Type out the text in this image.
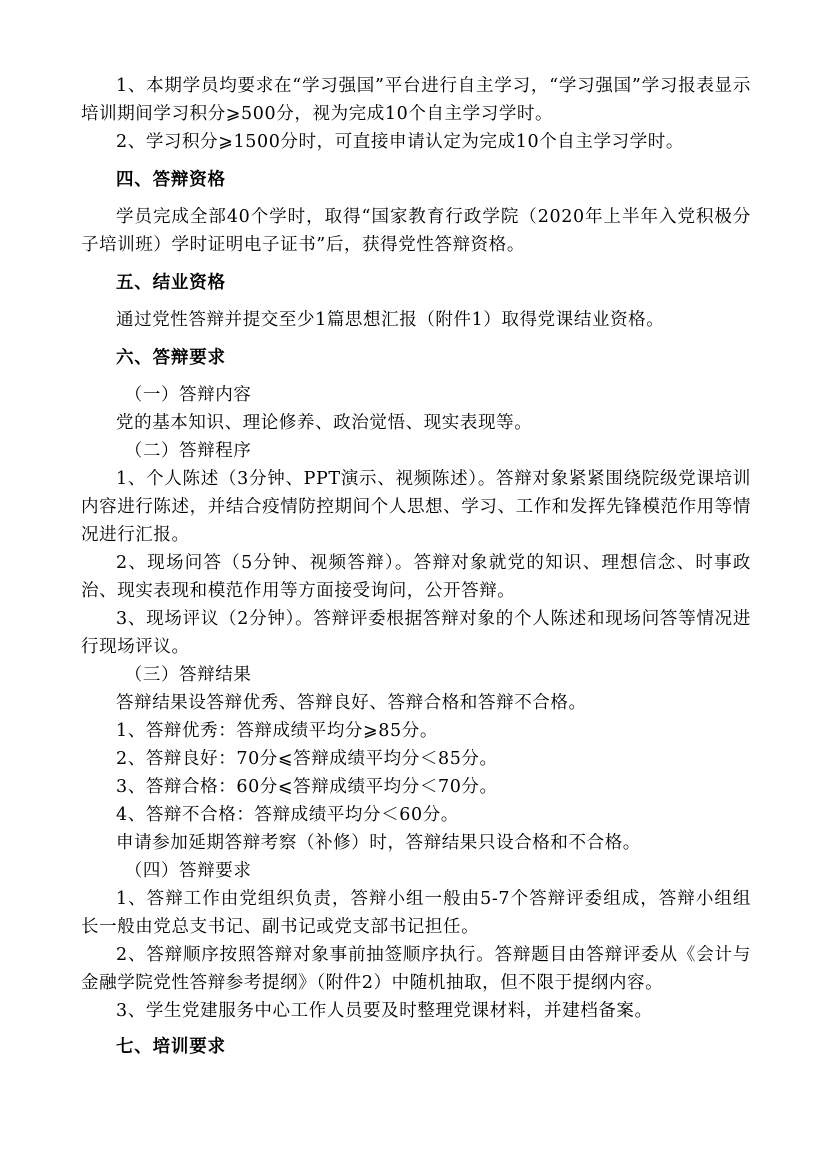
1、本期学员均要求在“学习强国”平台进行自主学习，“学习强国”学习报表显示培训期间学习积分⩾500分，视为完成10个自主学习学时。

2、学习积分⩾1500分时，可直接申请认定为完成10个自主学习学时。

四、答辩资格

学员完成全部40个学时，取得“国家教育行政学院（2020年上半年入党积极分子培训班）学时证明电子证书”后，获得党性答辩资格。

五、结业资格

通过党性答辩并提交至少1篇思想汇报（附件1）取得党课结业资格。

六、答辩要求

（一）答辩内容

党的基本知识、理论修养、政治觉悟、现实表现等。

（二）答辩程序

1、个人陈述（3分钟、PPT演示、视频陈述）。答辩对象紧紧围绕院级党课培训内容进行陈述，并结合疫情防控期间个人思想、学习、工作和发挥先锋模范作用等情况进行汇报。

2、现场问答（5分钟、视频答辩）。答辩对象就党的知识、理想信念、时事政治、现实表现和模范作用等方面接受询问，公开答辩。

3、现场评议（2分钟）。答辩评委根据答辩对象的个人陈述和现场问答等情况进行现场评议。

（三）答辩结果

答辩结果设答辩优秀、答辩良好、答辩合格和答辩不合格。

1、答辩优秀：答辩成绩平均分⩾85分。

2、答辩良好：70分⩽答辩成绩平均分＜85分。

3、答辩合格：60分⩽答辩成绩平均分＜70分。

4、答辩不合格：答辩成绩平均分＜60分。

申请参加延期答辩考察（补修）时，答辩结果只设合格和不合格。

（四）答辩要求

1、答辩工作由党组织负责，答辩小组一般由5-7个答辩评委组成，答辩小组组长一般由党总支书记、副书记或党支部书记担任。

2、答辩顺序按照答辩对象事前抽签顺序执行。答辩题目由答辩评委从《会计与金融学院党性答辩参考提纲》（附件2）中随机抽取，但不限于提纲内容。

3、学生党建服务中心工作人员要及时整理党课材料，并建档备案。

七、培训要求
